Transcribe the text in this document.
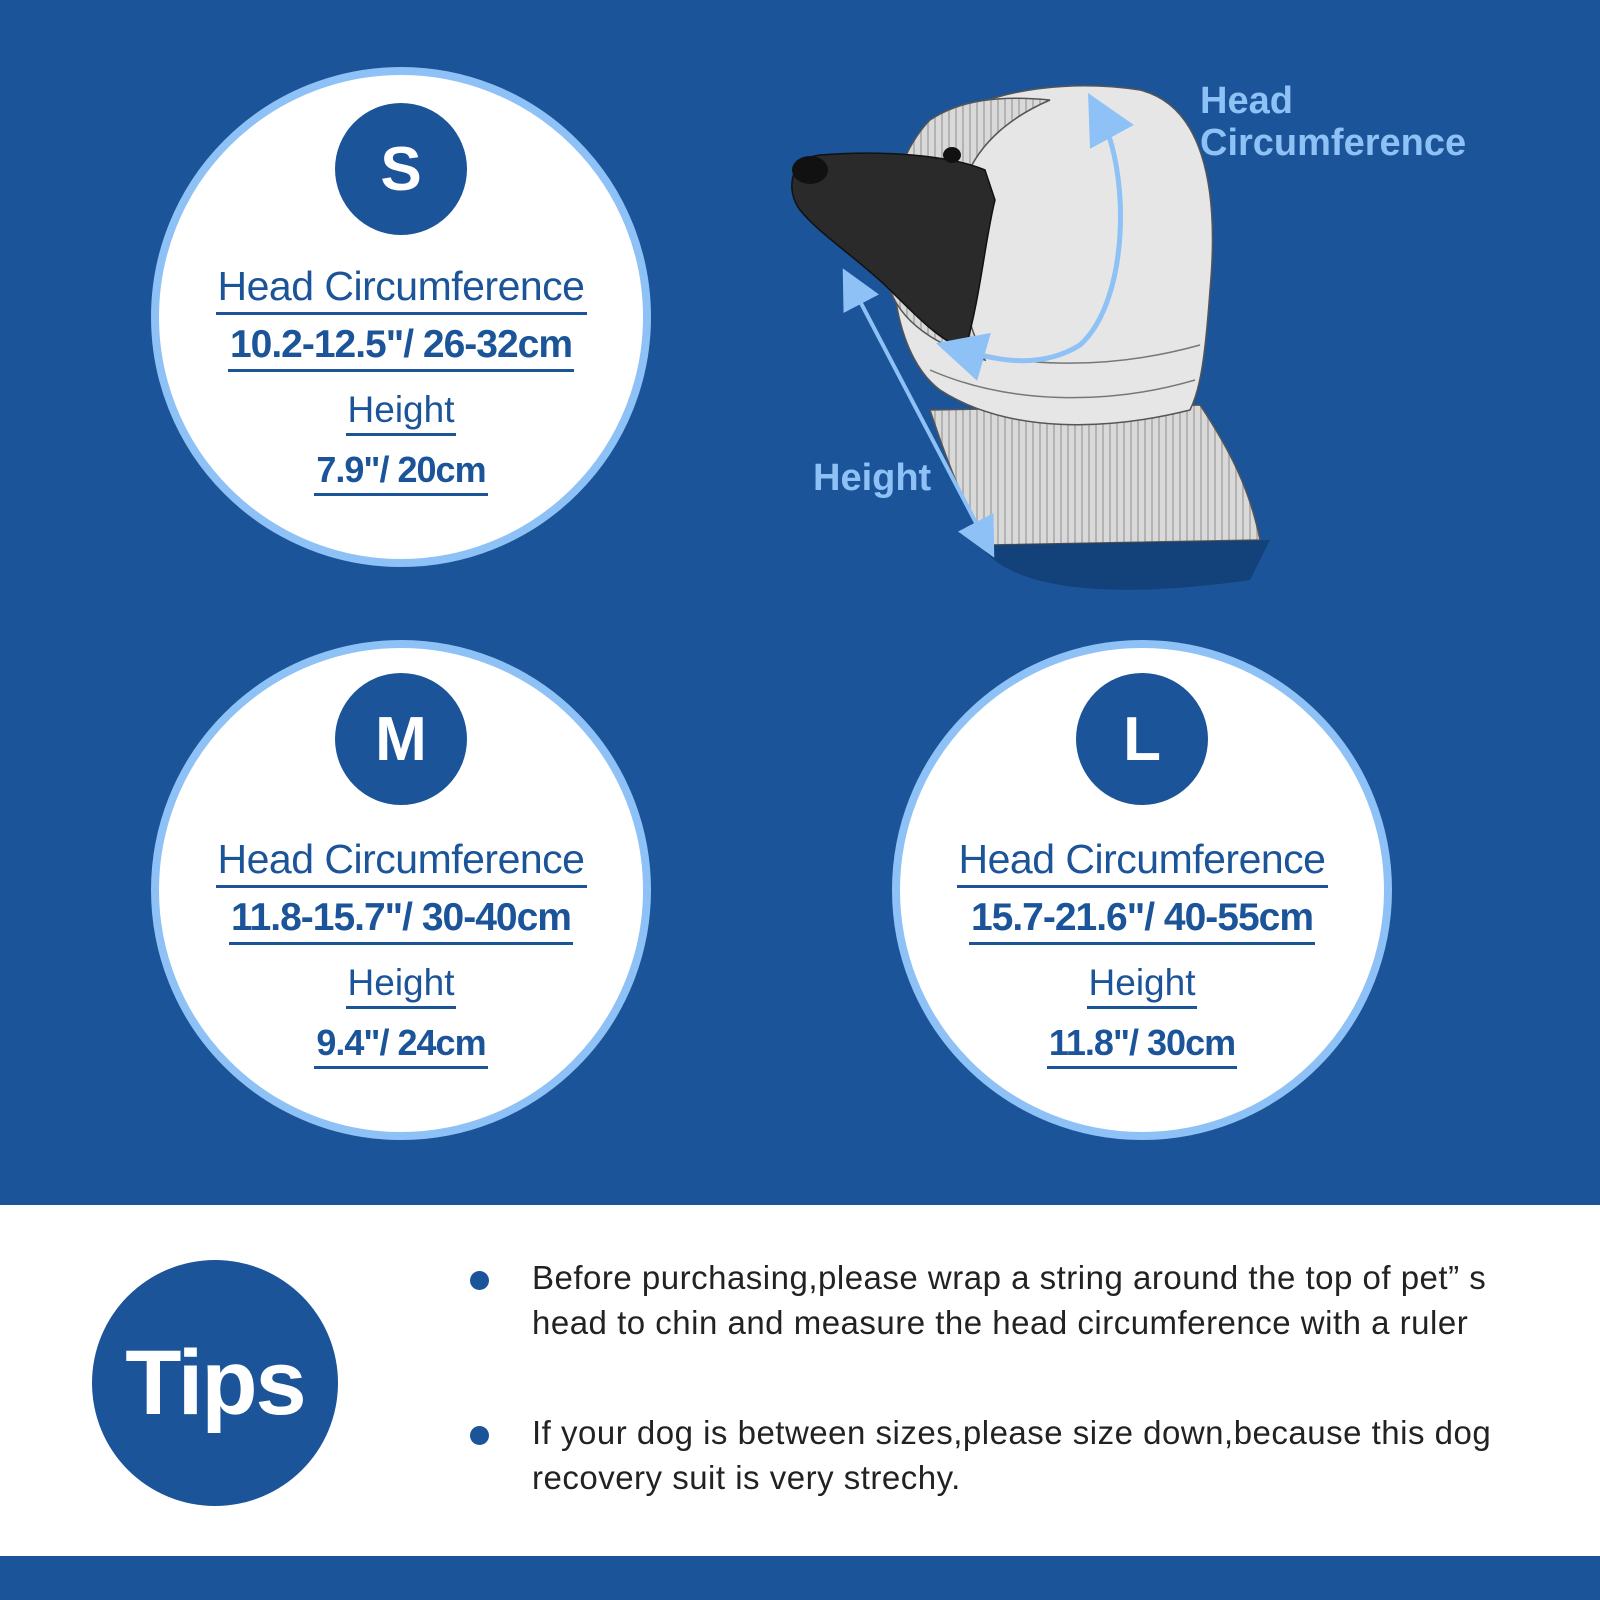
S
Head Circumference
10.2-12.5"/ 26-32cm
Height
7.9"/ 20cm
M
Head Circumference
11.8-15.7"/ 30-40cm
Height
9.4"/ 24cm
L
Head Circumference
15.7-21.6"/ 40-55cm
Height
11.8"/ 30cm
Head
Circumference
Height
Tips
Before purchasing,please wrap a string around the top of pet” s head to chin and measure the head circumference with a ruler
If your dog is between sizes,please size down,because this dog recovery suit is very strechy.
